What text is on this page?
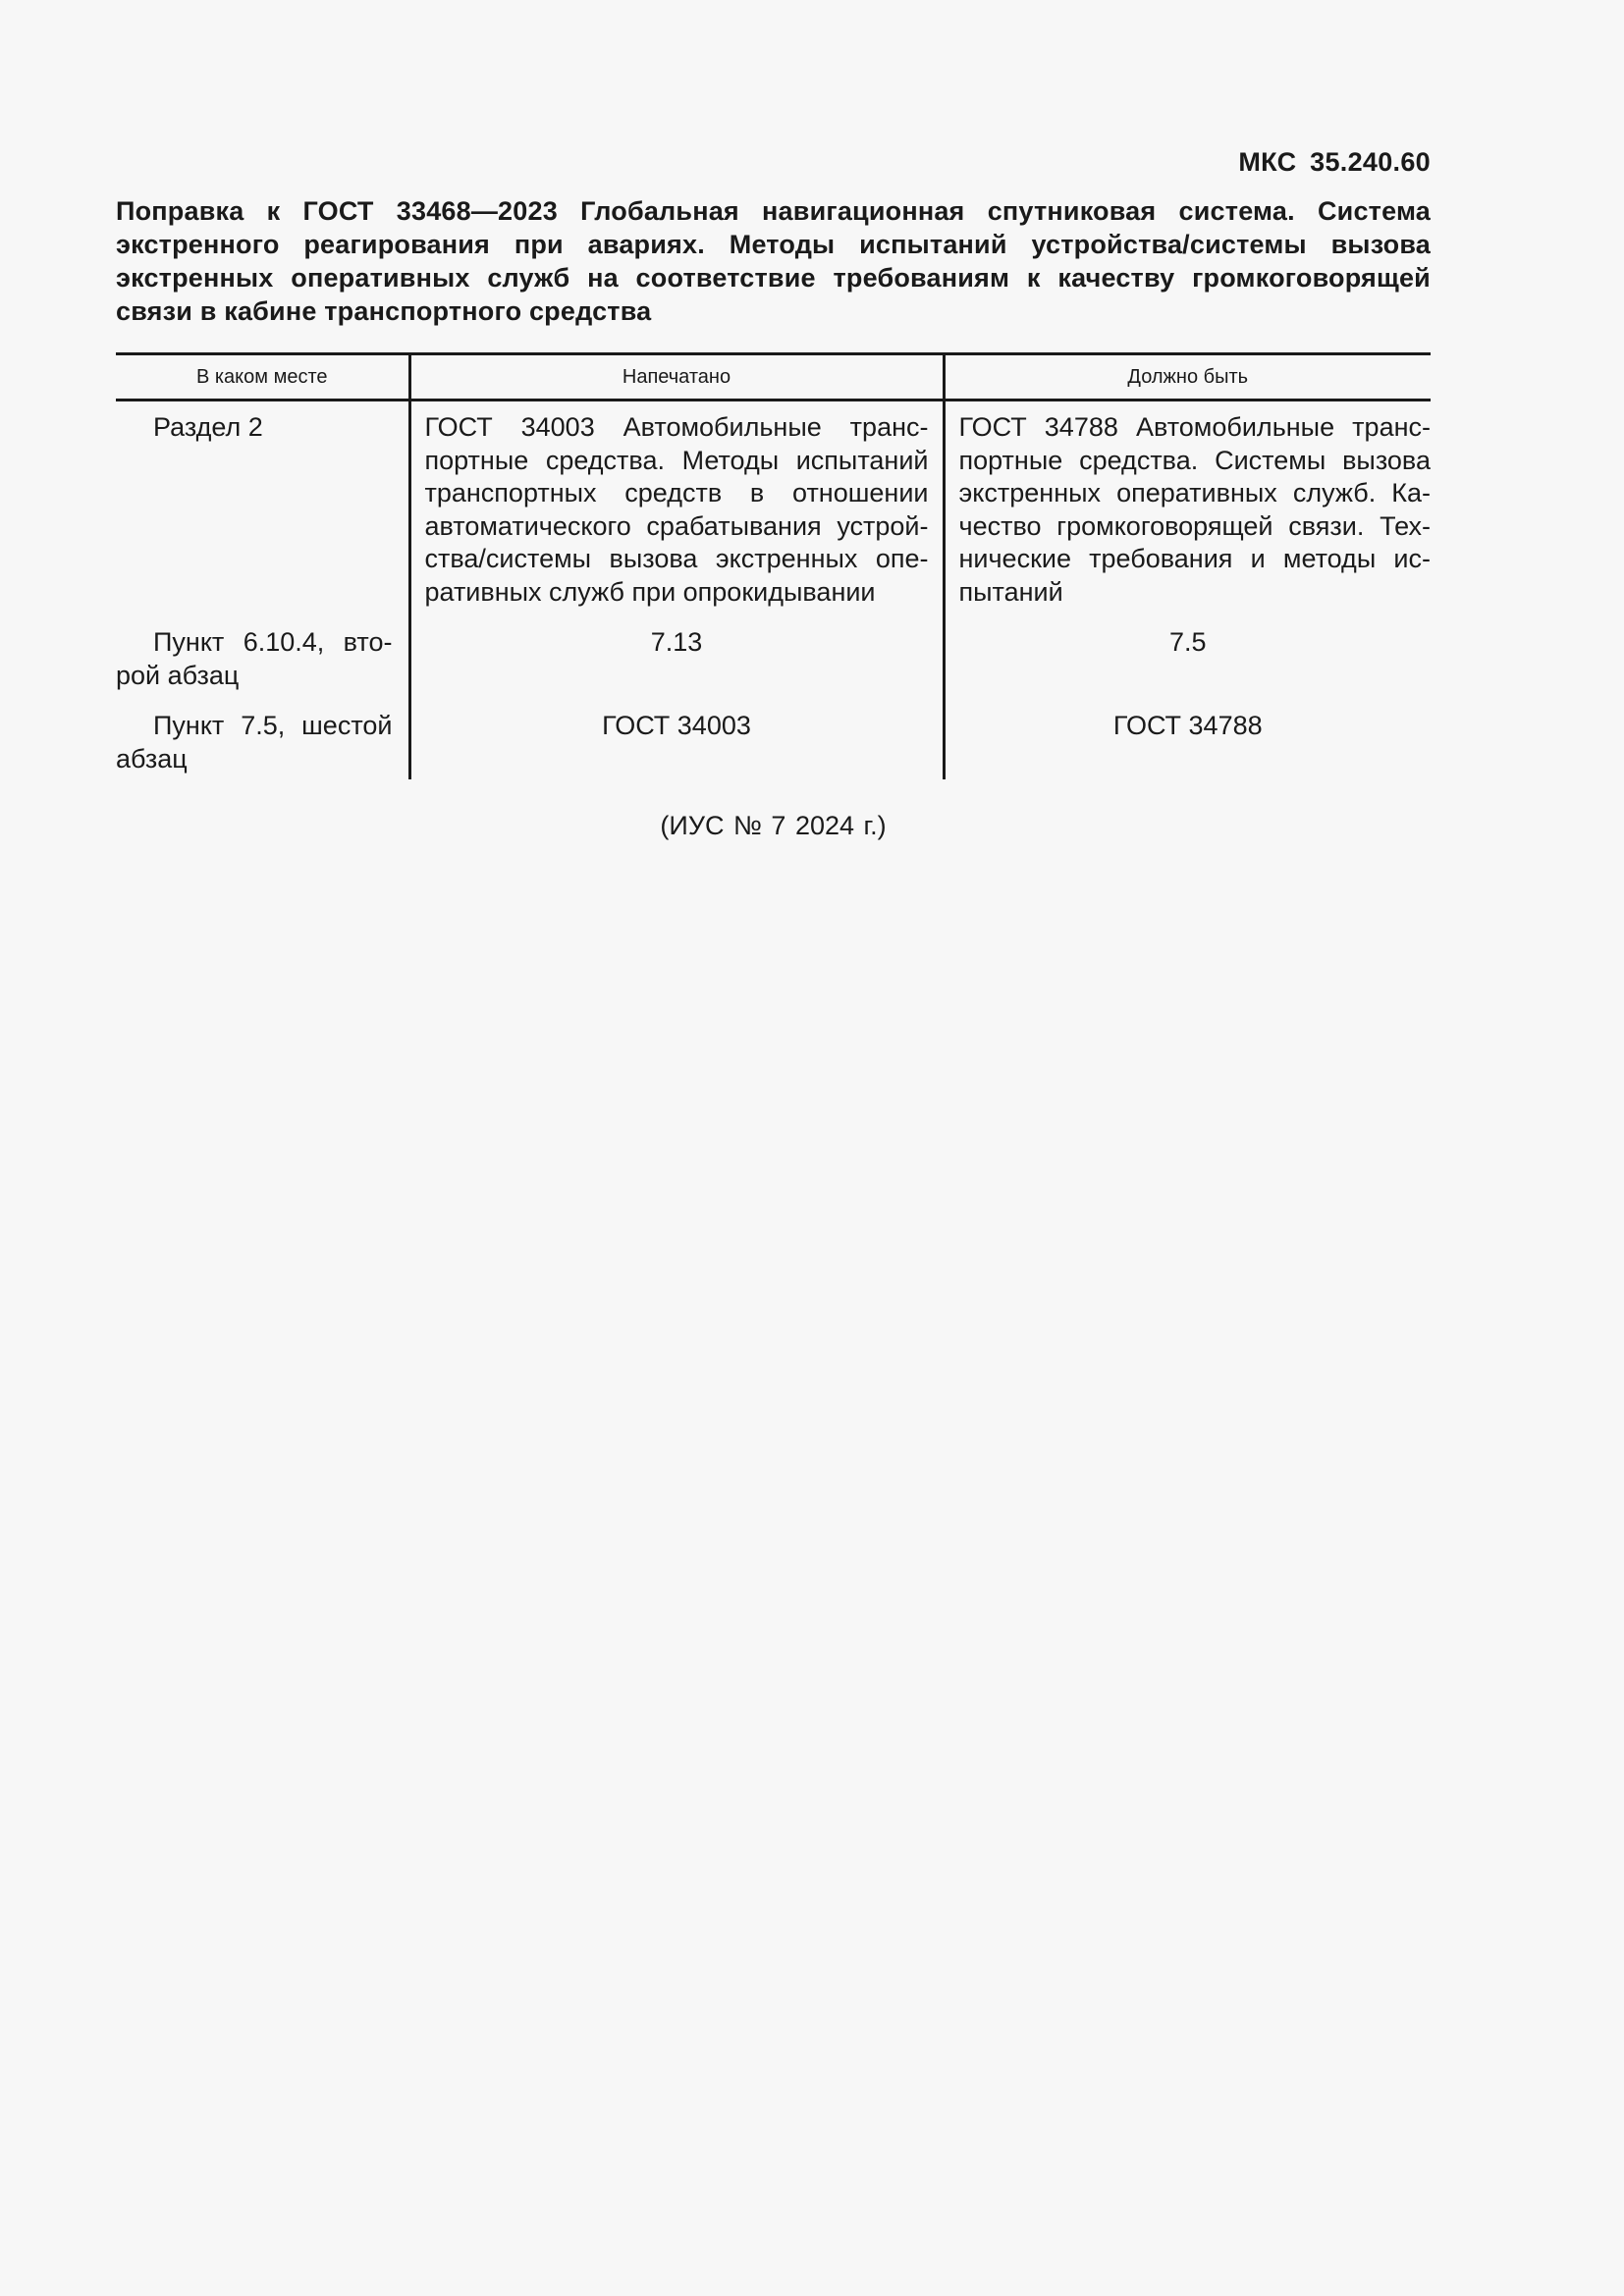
МКС 35.240.60
Поправка к ГОСТ 33468—2023 Глобальная навигационная спутниковая система. Система экстренного реагирования при авариях. Методы испытаний устройства/системы вызова экстренных оперативных служб на соответствие требованиям к качеству громкоговорящей связи в кабине транспортного средства
В каком месте	Напечатано	Должно быть
Раздел 2	ГОСТ 34003 Автомобильные транспортные средства. Методы испытаний транспортных средств в отношении автоматического срабатывания устройства/системы вызова экстренных оперативных служб при опрокидывании	ГОСТ 34788 Автомобильные транспортные средства. Системы вызова экстренных оперативных служб. Качество громкоговорящей связи. Технические требования и методы испытаний
Пункт 6.10.4, второй абзац	7.13	7.5
Пункт 7.5, шестой абзац	ГОСТ 34003	ГОСТ 34788
(ИУС № 7 2024 г.)
